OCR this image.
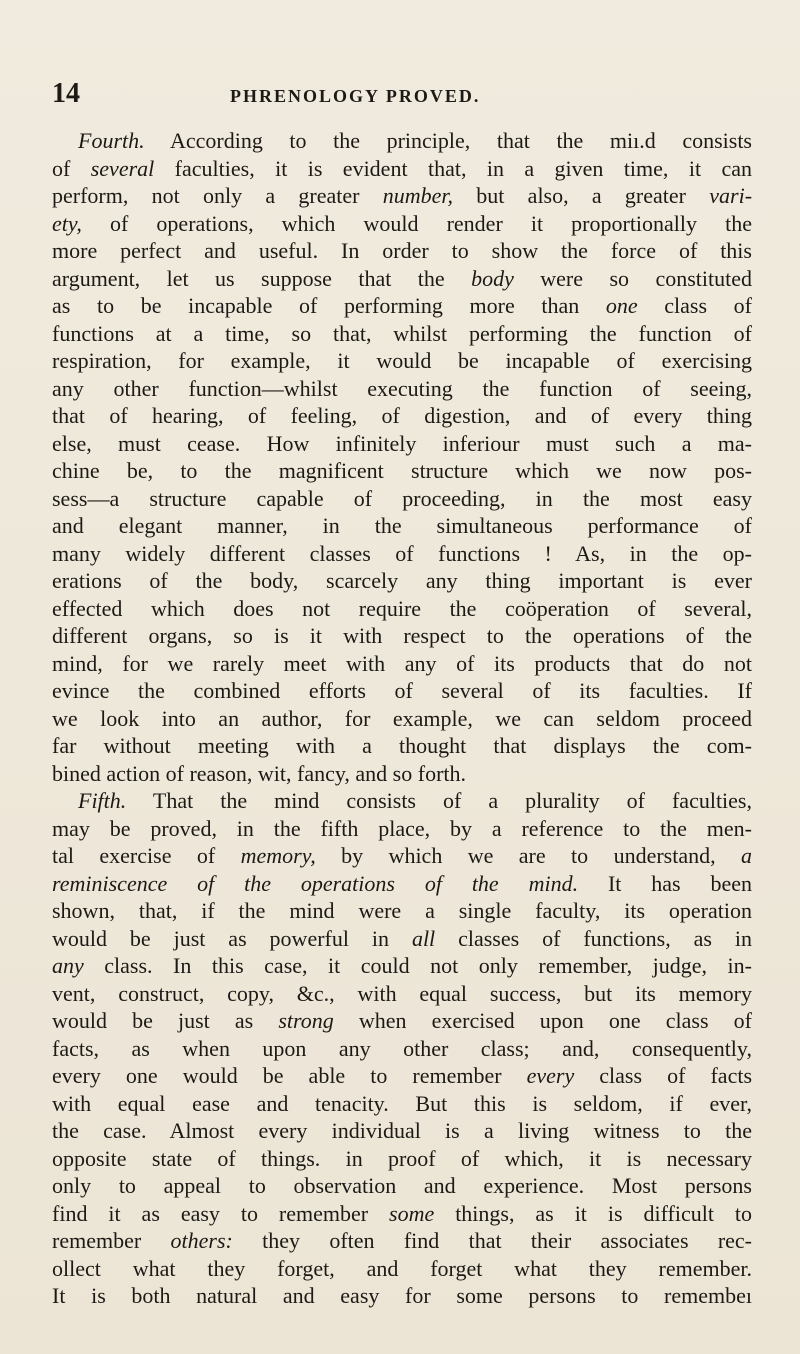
14	PHRENOLOGY PROVED.
Fourth. According to the principle, that the miı.d consists
of several faculties, it is evident that, in a given time, it can
perform, not only a greater number, but also, a greater vari-
ety, of operations, which would render it proportionally the
more perfect and useful. In order to show the force of this
argument, let us suppose that the body were so constituted
as to be incapable of performing more than one class of
functions at a time, so that, whilst performing the function of
respiration, for example, it would be incapable of exercising
any other function—whilst executing the function of seeing,
that of hearing, of feeling, of digestion, and of every thing
else, must cease. How infinitely inferiour must such a ma-
chine be, to the magnificent structure which we now pos-
sess—a structure capable of proceeding, in the most easy
and elegant manner, in the simultaneous performance of
many widely different classes of functions ! As, in the op-
erations of the body, scarcely any thing important is ever
effected which does not require the coöperation of several,
different organs, so is it with respect to the operations of the
mind, for we rarely meet with any of its products that do not
evince the combined efforts of several of its faculties. If
we look into an author, for example, we can seldom proceed
far without meeting with a thought that displays the com-
bined action of reason, wit, fancy, and so forth.
Fifth. That the mind consists of a plurality of faculties,
may be proved, in the fifth place, by a reference to the men-
tal exercise of memory, by which we are to understand, a
reminiscence of the operations of the mind. It has been
shown, that, if the mind were a single faculty, its operation
would be just as powerful in all classes of functions, as in
any class. In this case, it could not only remember, judge, in-
vent, construct, copy, &c., with equal success, but its memory
would be just as strong when exercised upon one class of
facts, as when upon any other class; and, consequently,
every one would be able to remember every class of facts
with equal ease and tenacity. But this is seldom, if ever,
the case. Almost every individual is a living witness to the
opposite state of things. in proof of which, it is necessary
only to appeal to observation and experience. Most persons
find it as easy to remember some things, as it is difficult to
remember others: they often find that their associates rec-
ollect what they forget, and forget what they remember.
It is both natural and easy for some persons to remembeı
